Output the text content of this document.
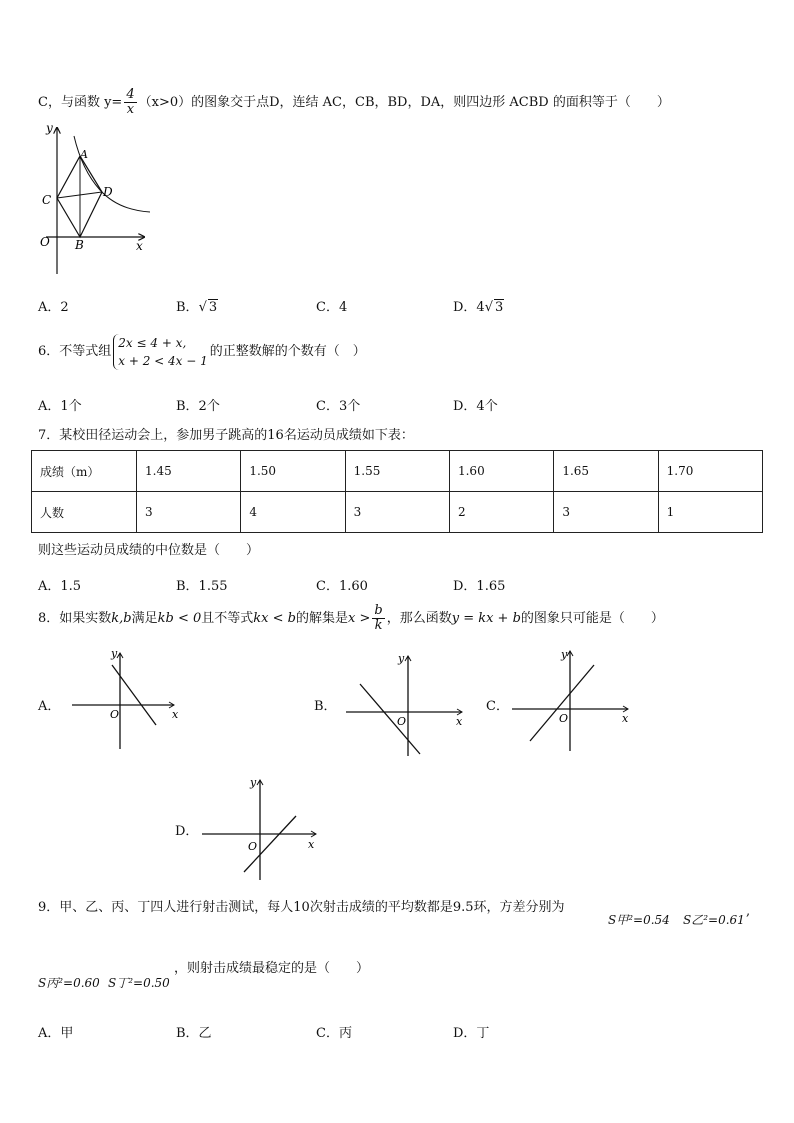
C，与函数 $y= \frac{4}{x} (x>0)$的图象交于点D，连结 AC，CB，BD，DA，则四边形 ACBD 的面积等于（　　）
y
x
O
A
B
C
D
A．2	B．√ 3	C．4	D．4√ 3
6．不等式组
2x ≤ 4 + x,
x + 2 < 4x − 1
的正整数解的个数有（　）
A．1个	B．2个	C．3个	D．4个
7．某校田径运动会上，参加男子跳高的16名运动员成绩如下表：
成绩（m）	1.45	1.50	1.55	1.60	1.65	1.70
人数	3	4	3	2	3	1
则这些运动员成绩的中位数是（　　）
A．1.5	B．1.55	C．1.60	D．1.65
8．如果实数k,b满足kb < 0且不等式kx < b的解集是$x > \frac{b}{k}$ ，那么函数y = kx + b的图象只可能是（　　）
A．
y
x
O
B．
y
x
O
C．
y
x
O
D．
y
x
O
9．甲、乙、丙、丁四人进行射击测试，每人10次射击成绩的平均数都是9.5环，方差分别为
S甲²=0.54 S乙²=0.61
,
S丙²=0.60 S丁²=0.50
，则射击成绩最稳定的是（　　）
A．甲	B．乙	C．丙	D．丁
